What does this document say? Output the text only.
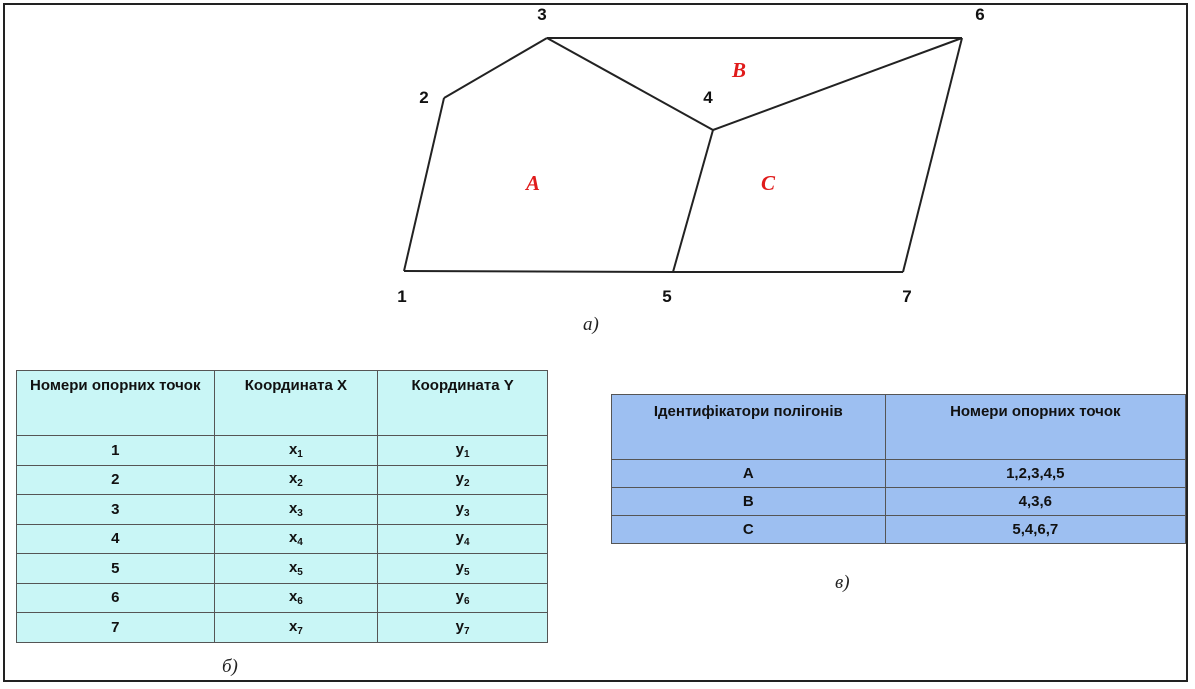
1
2
3
4
5
6
7
A
B
C
а)
б)
в)
Номери опорних точок	Координата X	Координата Y
1	$x_1$	$y_1$
2	$x_2$	$y_2$
3	$x_3$	$y_3$
4	$x_4$	$y_4$
5	$x_5$	$y_5$
6	$x_6$	$y_6$
7	$x_7$	$y_7$
Ідентифікатори полігонів	Номери опорних точок
A	1,2,3,4,5
B	4,3,6
C	5,4,6,7
